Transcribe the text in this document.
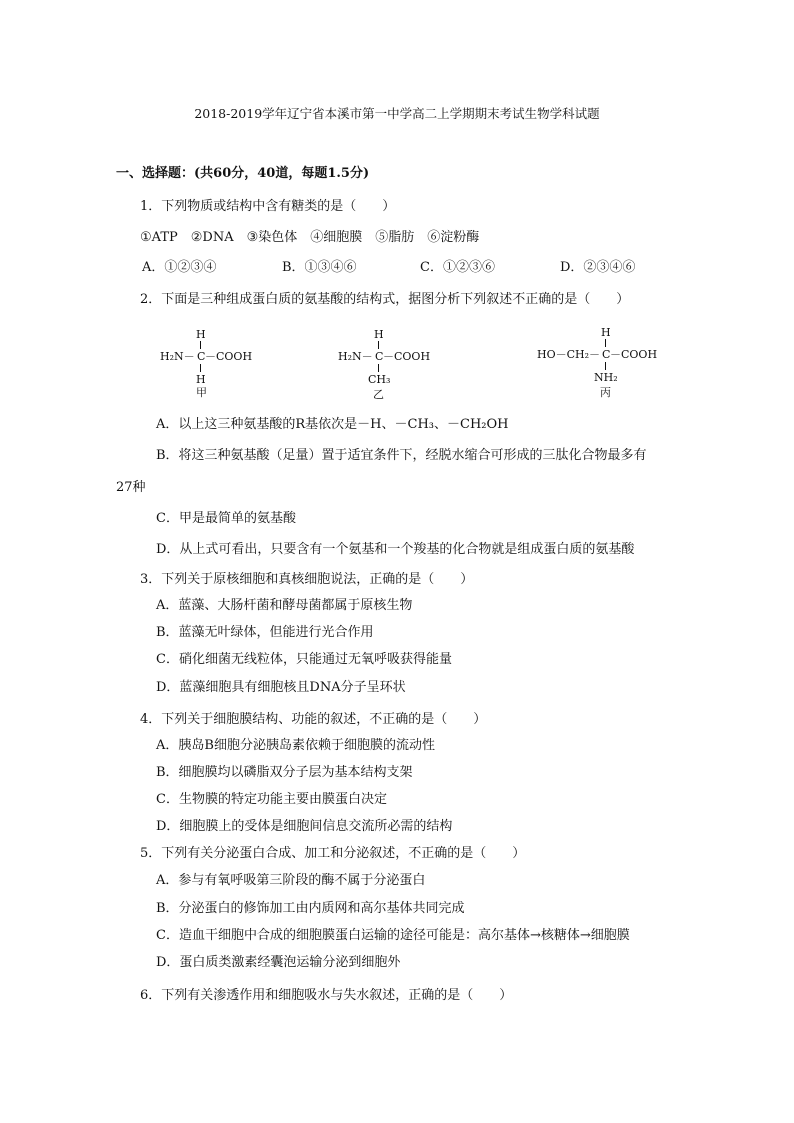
2018-2019学年辽宁省本溪市第一中学高二上学期期末考试生物学科试题
一、选择题：(共60分，40道，每题1.5分)
1．下列物质或结构中含有糖类的是（　　）
①ATP　②DNA　③染色体　④细胞膜　⑤脂肪　⑥淀粉酶
A．①②③④	B．①③④⑥	C．①②③⑥	D．②③④⑥
2．下面是三种组成蛋白质的氨基酸的结构式，据图分析下列叙述不正确的是（　　）
H
H₂N－ C －COOH
H
甲
H
H₂N－ C －COOH
CH₃
乙
H
HO－CH₂－ C －COOH
NH₂
丙
A．以上这三种氨基酸的R基依次是－H、－CH₃、－CH₂OH
B．将这三种氨基酸（足量）置于适宜条件下，经脱水缩合可形成的三肽化合物最多有
27种
C．甲是最简单的氨基酸
D．从上式可看出，只要含有一个氨基和一个羧基的化合物就是组成蛋白质的氨基酸
3．下列关于原核细胞和真核细胞说法，正确的是（　　）
A．蓝藻、大肠杆菌和酵母菌都属于原核生物
B．蓝藻无叶绿体，但能进行光合作用
C．硝化细菌无线粒体，只能通过无氧呼吸获得能量
D．蓝藻细胞具有细胞核且DNA分子呈环状
4．下列关于细胞膜结构、功能的叙述，不正确的是（　　）
A．胰岛B细胞分泌胰岛素依赖于细胞膜的流动性
B．细胞膜均以磷脂双分子层为基本结构支架
C．生物膜的特定功能主要由膜蛋白决定
D．细胞膜上的受体是细胞间信息交流所必需的结构
5．下列有关分泌蛋白合成、加工和分泌叙述，不正确的是（　　）
A．参与有氧呼吸第三阶段的酶不属于分泌蛋白
B．分泌蛋白的修饰加工由内质网和高尔基体共同完成
C．造血干细胞中合成的细胞膜蛋白运输的途径可能是：高尔基体→核糖体→细胞膜
D．蛋白质类激素经囊泡运输分泌到细胞外
6．下列有关渗透作用和细胞吸水与失水叙述，正确的是（　　）
